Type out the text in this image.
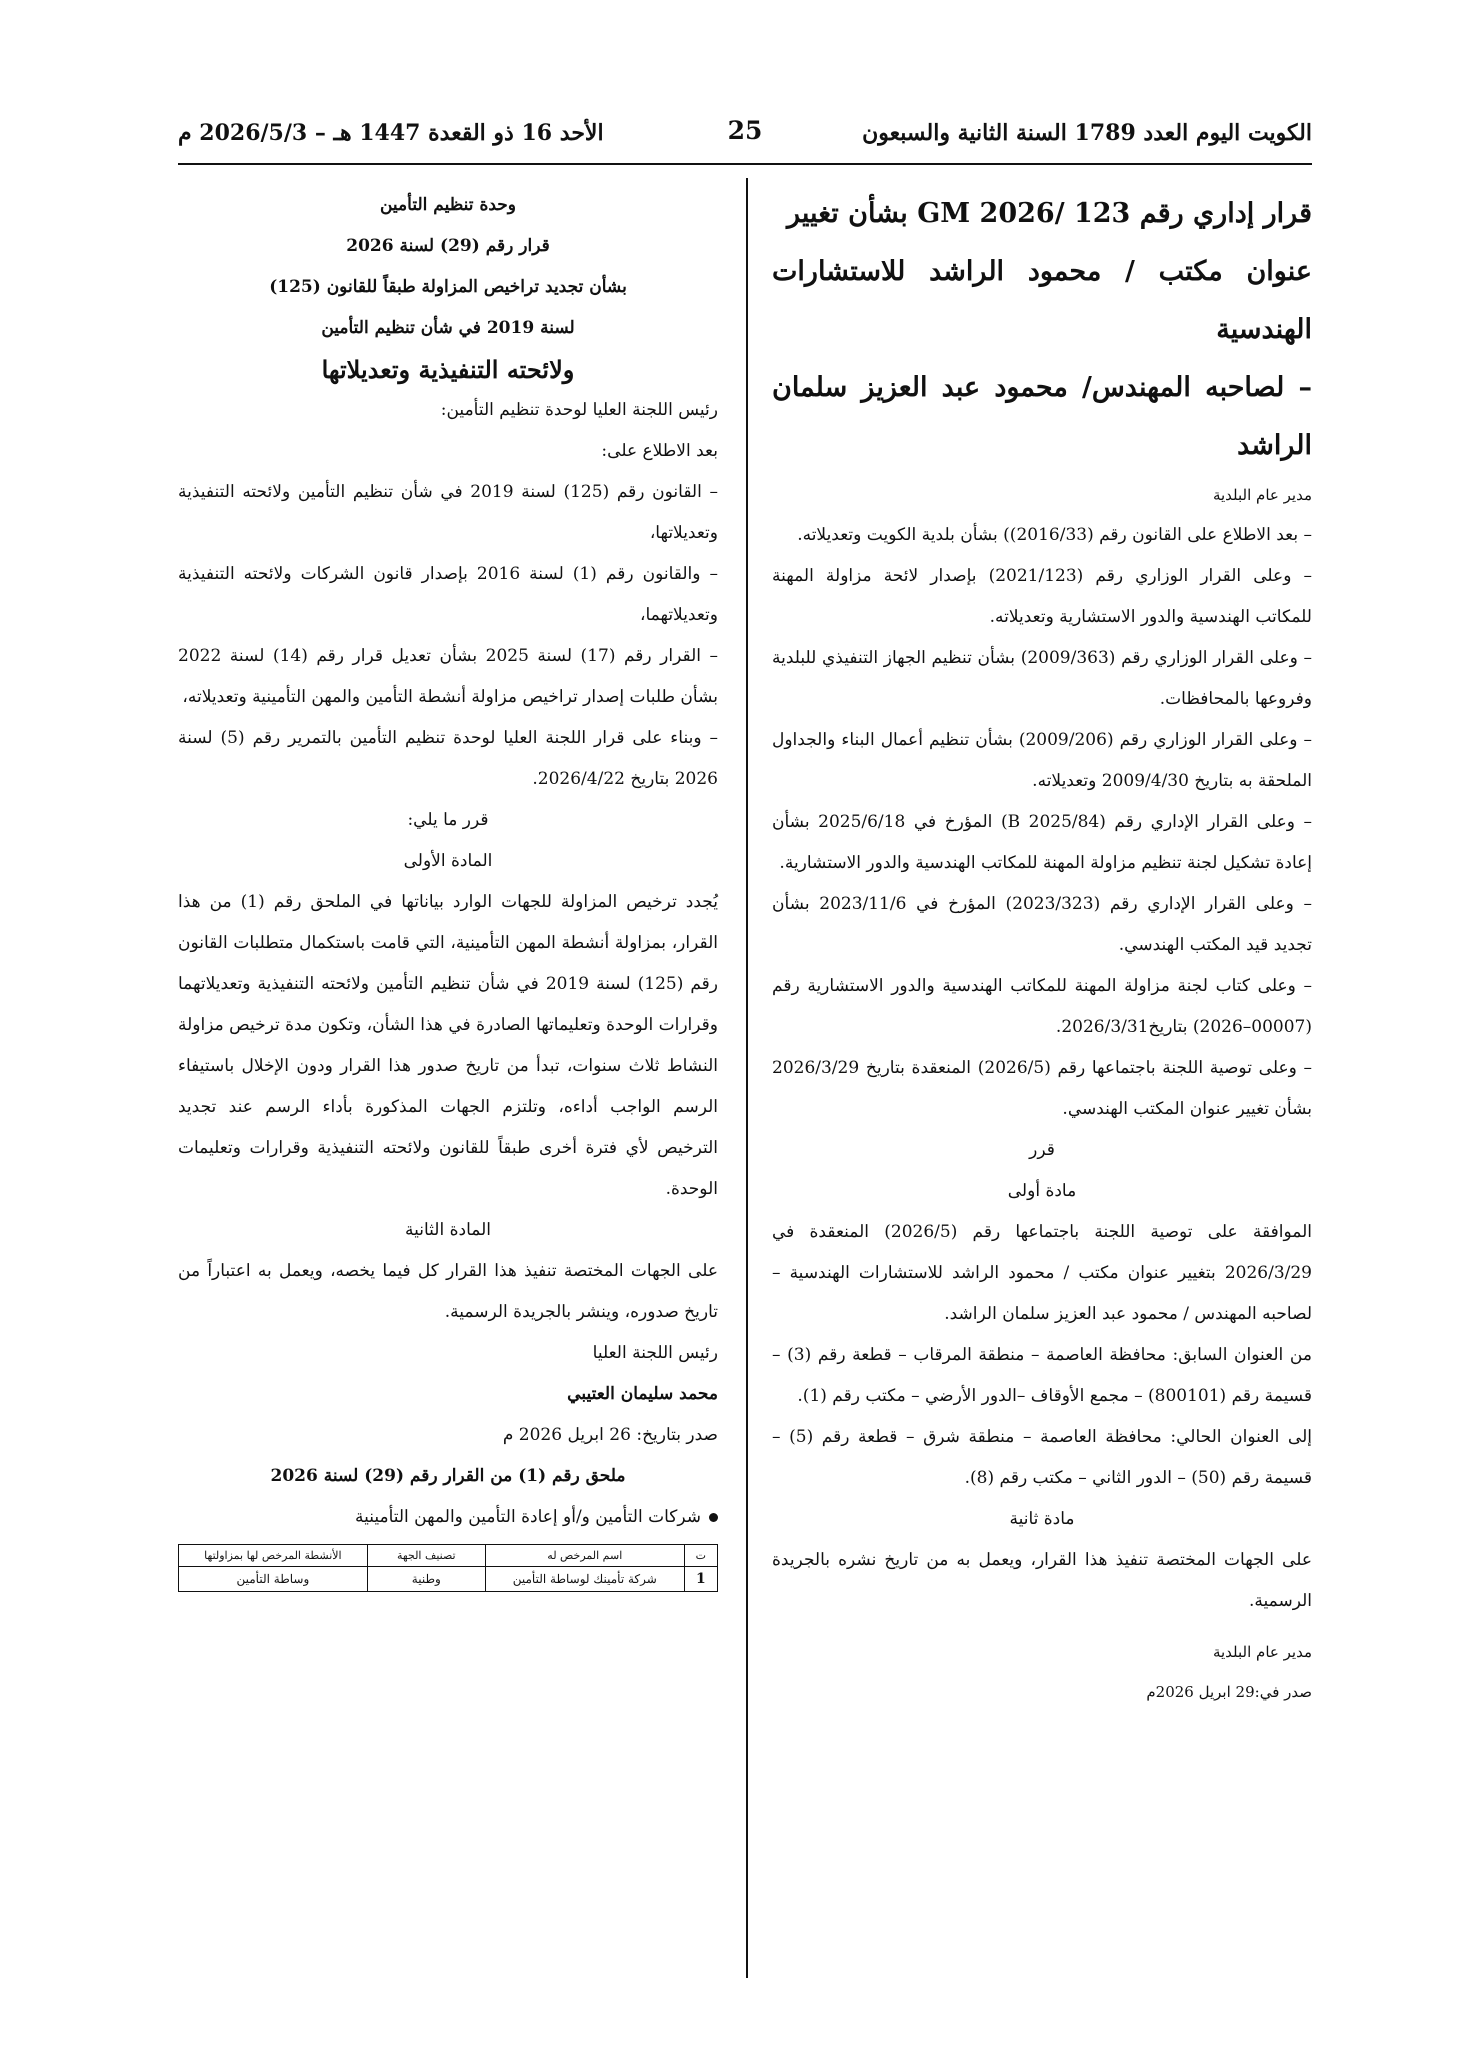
الكويت اليوم العدد 1789 السنة الثانية والسبعون
25
الأحد 16 ذو القعدة 1447 هـ – 2026/5/3 م

قرار إداري رقم GM 2026/ 123 بشأن تغيير

عنوان مكتب / محمود الراشد للاستشارات الهندسية

– لصاحبه المهندس/ محمود عبد العزيز سلمان الراشد

مدير عام البلدية

– بعد الاطلاع على القانون رقم (2016/33)) بشأن بلدية الكويت وتعديلاته.

– وعلى القرار الوزاري رقم (2021/123) بإصدار لائحة مزاولة المهنة للمكاتب الهندسية والدور الاستشارية وتعديلاته.

– وعلى القرار الوزاري رقم (2009/363) بشأن تنظيم الجهاز التنفيذي للبلدية وفروعها بالمحافظات.

– وعلى القرار الوزاري رقم (2009/206) بشأن تنظيم أعمال البناء والجداول الملحقة به بتاريخ 2009/4/30 وتعديلاته.

– وعلى القرار الإداري رقم (B 2025/84) المؤرخ في 2025/6/18 بشأن إعادة تشكيل لجنة تنظيم مزاولة المهنة للمكاتب الهندسية والدور الاستشارية.

– وعلى القرار الإداري رقم (2023/323) المؤرخ في 2023/11/6 بشأن تجديد قيد المكتب الهندسي.

– وعلى كتاب لجنة مزاولة المهنة للمكاتب الهندسية والدور الاستشارية رقم (00007–2026) بتاريخ2026/3/31.

– وعلى توصية اللجنة باجتماعها رقم (2026/5) المنعقدة بتاريخ 2026/3/29 بشأن تغيير عنوان المكتب الهندسي.

قرر

مادة أولى

الموافقة على توصية اللجنة باجتماعها رقم (2026/5) المنعقدة في 2026/3/29 بتغيير عنوان مكتب / محمود الراشد للاستشارات الهندسية – لصاحبه المهندس / محمود عبد العزيز سلمان الراشد.

من العنوان السابق: محافظة العاصمة – منطقة المرقاب – قطعة رقم (3) – قسيمة رقم (800101) – مجمع الأوقاف –الدور الأرضي – مكتب رقم (1).

إلى العنوان الحالي: محافظة العاصمة – منطقة شرق – قطعة رقم (5) – قسيمة رقم (50) – الدور الثاني – مكتب رقم (8).

مادة ثانية

على الجهات المختصة تنفيذ هذا القرار، ويعمل به من تاريخ نشره بالجريدة الرسمية.

مدير عام البلدية

صدر في:29 ابريل 2026م

وحدة تنظيم التأمين

قرار رقم (29) لسنة 2026

بشأن تجديد تراخيص المزاولة طبقاً للقانون (125)

لسنة 2019 في شأن تنظيم التأمين

ولائحته التنفيذية وتعديلاتها

رئيس اللجنة العليا لوحدة تنظيم التأمين:

بعد الاطلاع على:

– القانون رقم (125) لسنة 2019 في شأن تنظيم التأمين ولائحته التنفيذية وتعديلاتها،

– والقانون رقم (1) لسنة 2016 بإصدار قانون الشركات ولائحته التنفيذية وتعديلاتهما،

– القرار رقم (17) لسنة 2025 بشأن تعديل قرار رقم (14) لسنة 2022 بشأن طلبات إصدار تراخيص مزاولة أنشطة التأمين والمهن التأمينية وتعديلاته،

– وبناء على قرار اللجنة العليا لوحدة تنظيم التأمين بالتمرير رقم (5) لسنة 2026 بتاريخ 2026/4/22.

قرر ما يلي:

المادة الأولى

يُجدد ترخيص المزاولة للجهات الوارد بياناتها في الملحق رقم (1) من هذا القرار، بمزاولة أنشطة المهن التأمينية، التي قامت باستكمال متطلبات القانون رقم (125) لسنة 2019 في شأن تنظيم التأمين ولائحته التنفيذية وتعديلاتهما وقرارات الوحدة وتعليماتها الصادرة في هذا الشأن، وتكون مدة ترخيص مزاولة النشاط ثلاث سنوات، تبدأ من تاريخ صدور هذا القرار ودون الإخلال باستيفاء الرسم الواجب أداءه، وتلتزم الجهات المذكورة بأداء الرسم عند تجديد الترخيص لأي فترة أخرى طبقاً للقانون ولائحته التنفيذية وقرارات وتعليمات الوحدة.

المادة الثانية

على الجهات المختصة تنفيذ هذا القرار كل فيما يخصه، ويعمل به اعتباراً من تاريخ صدوره، وينشر بالجريدة الرسمية.

رئيس اللجنة العليا

محمد سليمان العتيبي

صدر بتاريخ: 26 ابريل 2026 م

ملحق رقم (1) من القرار رقم (29) لسنة 2026

شركات التأمين و/أو إعادة التأمين والمهن التأمينية

ت	اسم المرخص له	تصنيف الجهة	الأنشطة المرخص لها بمزاولتها
1	شركة تأمينك لوساطة التأمين	وطنية	وساطة التأمين
